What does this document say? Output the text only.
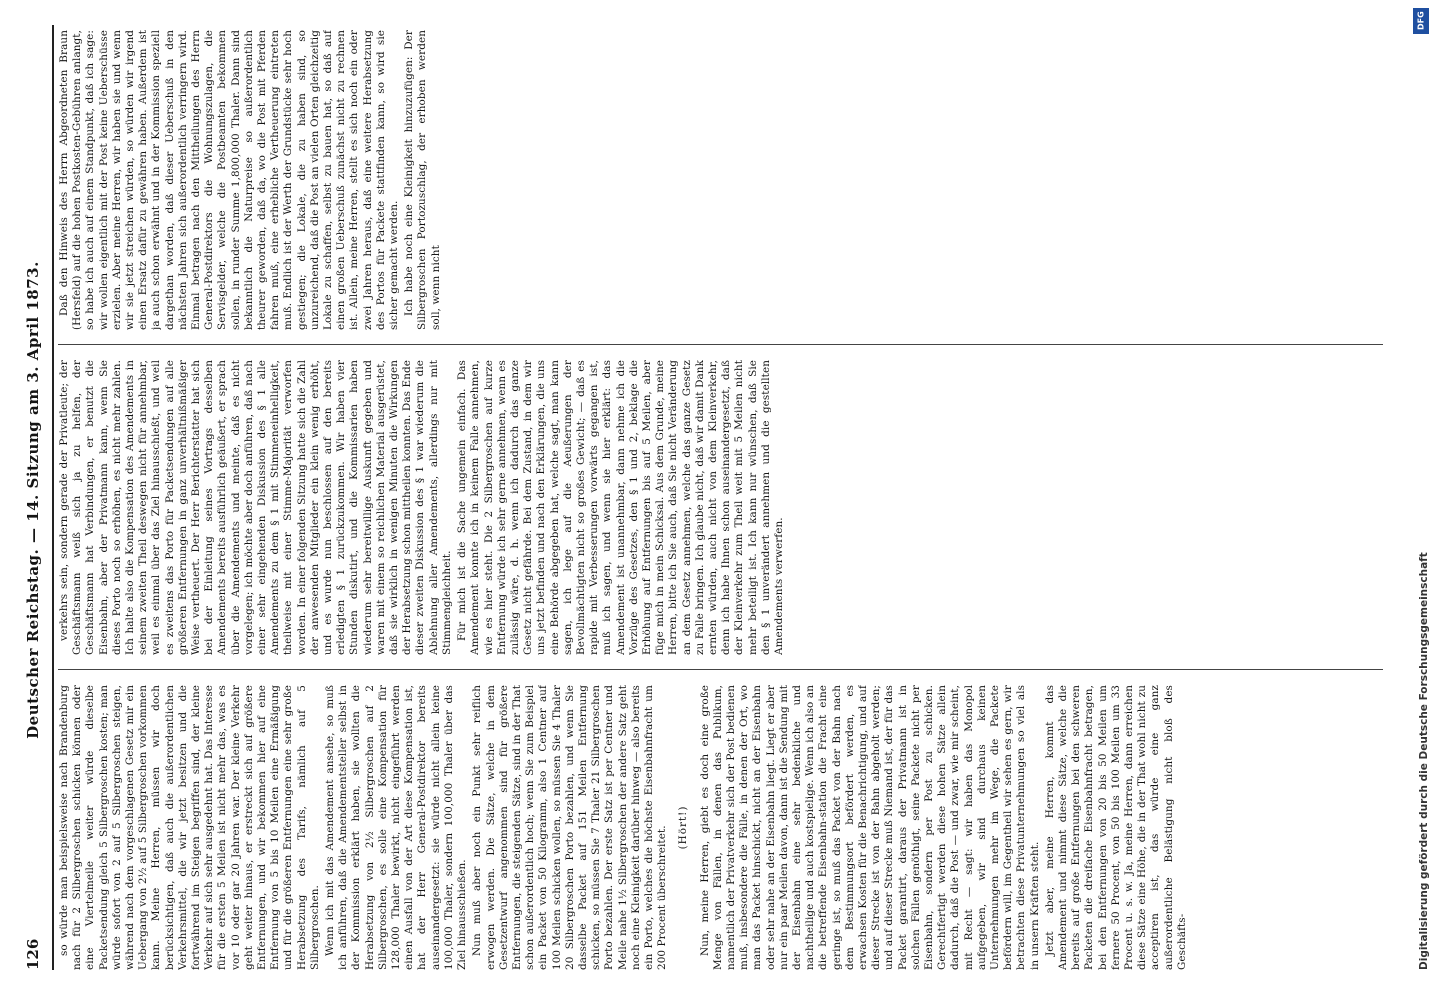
126
Deutscher Reichstag. — 14. Sitzung am 3. April 1873.

so würde man beispielsweise nach Brandenburg nach für 2 Silbergroschen schicken können oder eine Viertelmeile weiter würde dieselbe Packetsendung gleich 5 Silbergroschen kosten; man würde sofort von 2 auf 5 Silbergroschen steigen, während nach dem vorgeschlagenen Gesetz mir ein Uebergang von 2½ auf 5 Silbergroschen vorkommen kann. Meine Herren, müssen wir doch berücksichtigen, daß auch die außerordentlichen Verkehrsmittel, die wir jetzt besitzen und die fortwährend im Steigen begriffen sind, der kleine Verkehr auf sich sehr ausgedehnt hat. Das Interesse für die ersten 5 Meilen ist nicht mehr das, was es vor 10 oder gar 20 Jahren war. Der kleine Verkehr geht weiter hinaus, er erstreckt sich auf größere Entfernungen, und wir bekommen hier auf eine Entfernung von 5 bis 10 Meilen eine Ermäßigung und für die größeren Entfernungen eine sehr große Herabsetzung des Tarifs, nämlich auf 5 Silbergroschen. Wenn ich mit das Amendement ansehe, so muß ich anführen, daß die Amendementsteller selbst in der Kommission erklärt haben, sie wollten die Herabsetzung von 2½ Silbergroschen auf 2 Silbergroschen, es solle eine Kompensation für 128,000 Thaler bewirkt, nicht eingeführt werden einen Ausfall von der Art diese Kompensation ist, hat der Herr General-Postdirektor bereits auseinandergesetzt: sie würde nicht allein keine 100,000 Thaler, sondern 100,000 Thaler über das Ziel hinausschießen. Nun muß aber noch ein Punkt sehr reiflich erwogen werden. Die Sätze, welche in dem Gesetzentwurf angenommen sind für größere Entfernungen, die steigenden Sätze, sind in der That schon außerordentlich hoch; wenn Sie zum Beispiel ein Packet von 50 Kilogramm, also 1 Centner auf 100 Meilen schicken wollen, so müssen Sie 4 Thaler 20 Silbergroschen Porto bezahlen, und wenn Sie dasselbe Packet auf 151 Meilen Entfernung schicken, so müssen Sie 7 Thaler 21 Silbergroschen Porto bezahlen. Der erste Satz ist per Centner und Meile nahe 1½ Silbergroschen der andere Satz geht noch eine Kleinigkeit darüber hinweg — also bereits ein Porto, welches die höchste Eisenbahnfracht um 200 Procent überschreitet. (Hört!) Nun, meine Herren, giebt es doch eine große Menge von Fällen, in denen das Publikum, namentlich der Privatverkehr sich der Post bedienen muß, insbesondere die Fälle, in denen der Ort, wo man das Packet hinschickt, nicht an der Eisenbahn oder sehr nahe an der Eisenbahn liegt. Liegt er aber nur ein paar Meilen davon, dann ist die Sendung mit der Eisenbahn eine sehr bedenkliche und nachtheilige und auch kostspielige. Wenn ich also an die betreffende Eisenbahn-station die Fracht eine geringe ist, so muß das Packet von der Bahn nach dem Bestimmungsort befördert werden, es erwachsen Kosten für die Benachrichtigung, und auf dieser Strecke ist von der Bahn abgeholt werden; und auf dieser Strecke muß Niemand ist, der für das Packet garantirt, daraus der Privatmann ist in solchen Fällen genöthigt, seine Packete nicht per Eisenbahn, sondern per Post zu schicken. Gerechtfertigt werden diese hohen Sätze allein dadurch, daß die Post — und zwar, wie mir scheint, mit Recht — sagt: wir haben das Monopol aufgegeben, wir sind durchaus keinen Unternehmungen mehr im Wege, die Packete befördern will, im Gegentheil wir sehen es gern, wir betrachten diese Privatunternehmungen so viel als in unsern Kräften steht. Jetzt aber, meine Herren, kommt das Amendement und nimmt diese Sätze, welche die bereits auf große Entfernungen bei den schweren Packeten die dreifache Eisenbahnfracht betragen, bei den Entfernungen von 20 bis 50 Meilen um fernere 50 Procent, von 50 bis 100 Meilen um 33 Procent u. s. w. Ja, meine Herren, dann erreichen diese Sätze eine Höhe, die in der That wohl nicht zu acceptiren ist, das würde eine ganz außerordentliche Belästigung nicht bloß des Geschäfts-

verkehrs sein, sondern gerade der Privatleute; der Geschäftsmann weiß sich ja zu helfen, der Geschäftsmann hat Verbindungen, er benutzt die Eisenbahn, aber der Privatmann kann, wenn Sie dieses Porto noch so erhöhen, es nicht mehr zahlen. Ich halte also die Kompensation des Amendements in seinem zweiten Theil deswegen nicht für annehmbar, weil es einmal über das Ziel hinausschießt, und weil es zweitens das Porto für Packetsendungen auf alle größeren Entfernungen in ganz unverhältnißmäßiger Weise vertheuert. Der Herr Berichterstatter hat sich bei der Einleitung seines Vortrags desselben Amendements bereits ausführlich geäußert, er sprach über die Amendements und meinte, daß es nicht vorgelegen; ich möchte aber doch anführen, daß nach einer sehr eingehenden Diskussion des § 1 alle Amendements zu dem § 1 mit Stimmeneinhelligkeit, theilweise mit einer Stimme-Majorität verworfen worden. In einer folgenden Sitzung hatte sich die Zahl der anwesenden Mitglieder ein klein wenig erhöht, und es wurde nun beschlossen auf den bereits erledigten § 1 zurückzukommen. Wir haben vier Stunden diskutirt, und die Kommissarien haben wiederum sehr bereitwillige Auskunft gegeben und waren mit einem so reichlichen Material ausgerüstet, daß sie wirklich in wenigen Minuten die Wirkungen der Herabsetzung schon mittheilen konnten. Das Ende dieser zweiten Diskussion des § 1 war wiederum die Ablehnung aller Amendements, allerdings nur mit Stimmengleichheit. Für mich ist die Sache ungemein einfach. Das Amendement konnte ich in keinem Falle annehmen, wie es hier steht. Die 2 Silbergroschen auf kurze Entfernung würde ich sehr gerne annehmen, wenn es zulässig wäre, d. h. wenn ich dadurch das ganze Gesetz nicht gefährde. Bei dem Zustand, in dem wir uns jetzt befinden und nach den Erklärungen, die uns eine Behörde abgegeben hat, welche sagt, man kann sagen, ich lege auf die Aeußerungen der Bevollmächtigten nicht so großes Gewicht; — daß es rapide mit Verbesserungen vorwärts gegangen ist, muß ich sagen, und wenn sie hier erklärt: das Amendement ist unannehmbar, dann nehme ich die Vorzüge des Gesetzes, den § 1 und 2, beklage die Erhöhung auf Entfernungen bis auf 5 Meilen, aber füge mich in mein Schicksal. Aus dem Grunde, meine Herren, bitte ich Sie auch, daß Sie nicht Veränderung an dem Gesetz annehmen, welche das ganze Gesetz zu Falle bringen. Ich glaube nicht, daß wir damit Dank ernten würden, auch nicht von dem Kleinverkehr, denn ich habe Ihnen schon auseinandergesetzt, daß der Kleinverkehr zum Theil weit mit 5 Meilen nicht mehr beteiligt ist. Ich kann nur wünschen, daß Sie den § 1 unverändert annehmen und die gestellten Amendements verwerfen.

Daß den Hinweis des Herrn Abgeordneten Braun (Hersfeld) auf die hohen Postkosten-Gebühren anlangt, so habe ich auch auf einem Standpunkt, daß ich sage: wir wollen eigentlich mit der Post keine Ueberschüsse erzielen. Aber meine Herren, wir haben sie und wenn wir sie jetzt streichen würden, so würden wir irgend einen Ersatz dafür zu gewähren haben. Außerdem ist ja auch schon erwähnt und in der Kommission speziell dargethan worden, daß dieser Ueberschuß in den nächsten Jahren sich außerordentlich verringern wird. Einmal betragen nach den Mittheilungen des Herrn General-Postdirektors die Wohnungszulagen, die Servisgelder, welche die Postbeamten bekommen sollen, in runder Summe 1,800,000 Thaler. Dann sind bekanntlich die Naturpreise so außerordentlich theurer geworden, daß da, wo die Post mit Pferden fahren muß, eine erhebliche Vertheuerung eintreten muß. Endlich ist der Werth der Grundstücke sehr hoch gestiegen; die Lokale, die zu haben sind, so unzureichend, daß die Post an vielen Orten gleichzeitig Lokale zu schaffen, selbst zu bauen hat, so daß auf einen großen Ueberschuß zunächst nicht zu rechnen ist. Allein, meine Herren, stellt es sich noch ein oder zwei Jahren heraus, daß eine weitere Herabsetzung des Portos für Packete stattfinden kann, so wird sie sicher gemacht werden. Ich habe noch eine Kleinigkeit hinzuzufügen: Der Silbergroschen Portozuschlag, der erhoben werden soll, wenn nicht

DFG
Digitalisierung gefördert durch die Deutsche Forschungsgemeinschaft
